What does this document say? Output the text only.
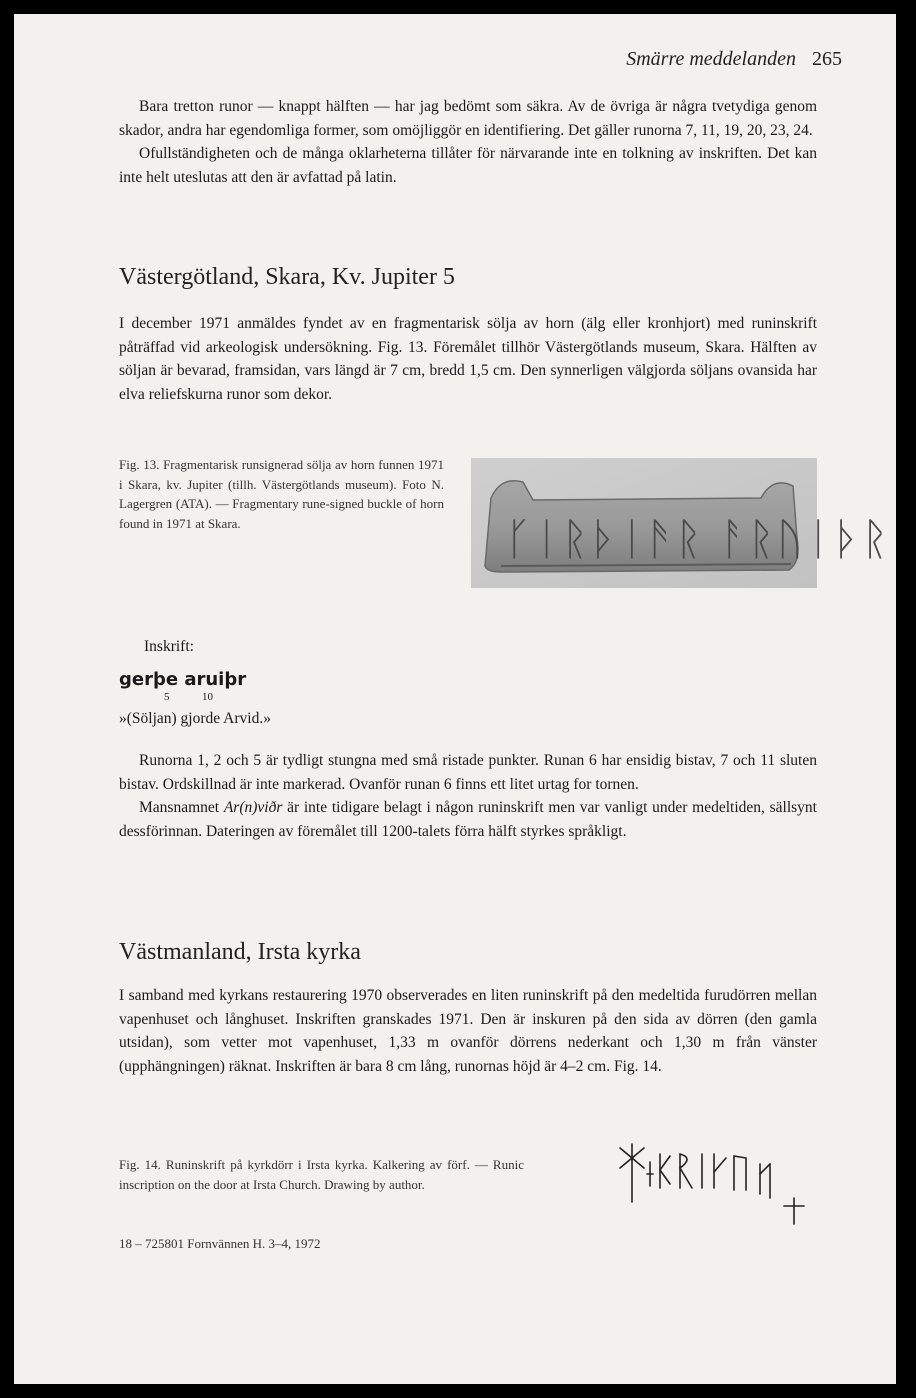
Smärre meddelanden 265

Bara tretton runor — knappt hälften — har jag bedömt som säkra. Av de övriga är några tvetydiga genom skador, andra har egendomliga former, som omöjliggör en identifiering. Det gäller runorna 7, 11, 19, 20, 23, 24.

Ofullständigheten och de många oklarheterna tillåter för närvarande inte en tolkning av inskriften. Det kan inte helt uteslutas att den är avfattad på latin.

Västergötland, Skara, Kv. Jupiter 5

I december 1971 anmäldes fyndet av en fragmentarisk sölja av horn (älg eller kronhjort) med runinskrift påträffad vid arkeologisk undersökning. Fig. 13. Föremålet tillhör Västergötlands museum, Skara. Hälften av söljan är bevarad, framsidan, vars längd är 7 cm, bredd 1,5 cm. Den synnerligen välgjorda söljans ovansida har elva reliefskurna runor som dekor.

Fig. 13. Fragmentarisk runsignerad sölja av horn funnen 1971 i Skara, kv. Jupiter (tillh. Västergötlands museum). Foto N. Lagergren (ATA). — Fragmentary rune-signed buckle of horn found in 1971 at Skara.	ᚴᛁᚱᚦᛁᚫᚱ ᚨᚱᚢᛁᚦᚱ
Inskrift:
gerþe aruiþr
5	10
»(Söljan) gjorde Arvid.»

Runorna 1, 2 och 5 är tydligt stungna med små ristade punkter. Runan 6 har ensidig bistav, 7 och 11 sluten bistav. Ordskillnad är inte markerad. Ovanför runan 6 finns ett litet urtag for tornen.

Mansnamnet Ar(n)viðr är inte tidigare belagt i någon runinskrift men var vanligt under medeltiden, sällsynt dessförinnan. Dateringen av föremålet till 1200-talets förra hälft styrkes språkligt.

Västmanland, Irsta kyrka

I samband med kyrkans restaurering 1970 observerades en liten runinskrift på den medeltida furudörren mellan vapenhuset och långhuset. Inskriften granskades 1971. Den är inskuren på den sida av dörren (den gamla utsidan), som vetter mot vapenhuset, 1,33 m ovanför dörrens nederkant och 1,30 m från vänster (upphängningen) räknat. Inskriften är bara 8 cm lång, runornas höjd är 4–2 cm. Fig. 14.

Fig. 14. Runinskrift på kyrkdörr i Irsta kyrka. Kalkering av förf. — Runic inscription on the door at Irsta Church. Drawing by author.

18 – 725801 Fornvännen H. 3–4, 1972
